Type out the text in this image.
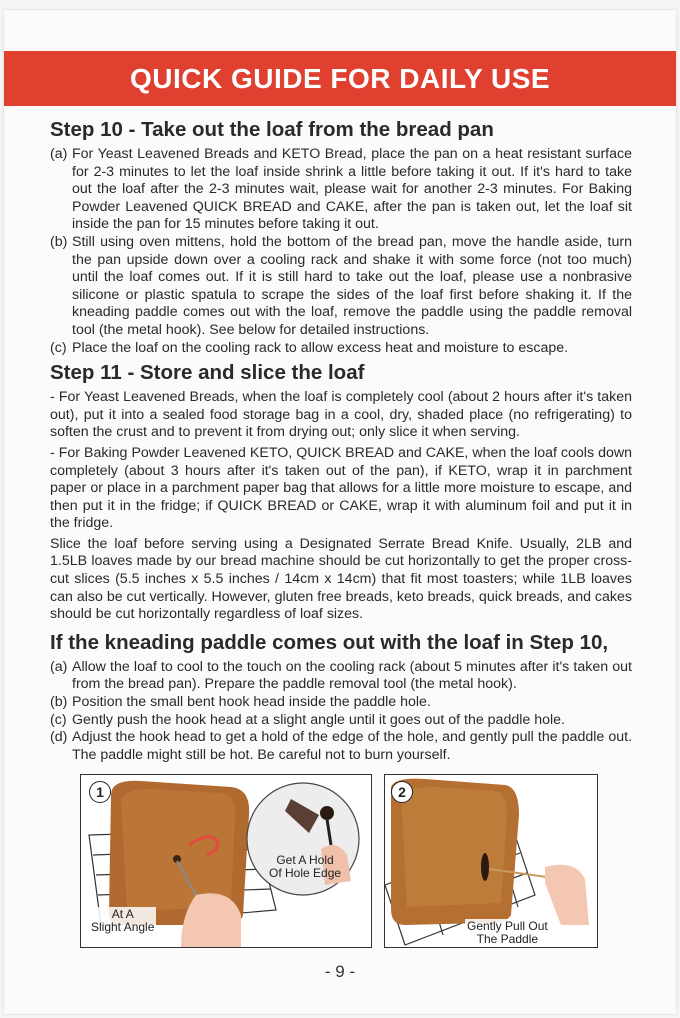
QUICK GUIDE FOR DAILY USE
Step 10 - Take out the loaf from the bread pan
(a) For Yeast Leavened Breads and KETO Bread, place the pan on a heat resistant surface for 2-3 minutes to let the loaf inside shrink a little before taking it out. If it's hard to take out the loaf after the 2-3 minutes wait, please wait for another 2-3 minutes. For Baking Powder Leavened QUICK BREAD and CAKE, after the pan is taken out, let the loaf sit inside the pan for 15 minutes before taking it out.
(b) Still using oven mittens, hold the bottom of the bread pan, move the handle aside, turn the pan upside down over a cooling rack and shake it with some force (not too much) until the loaf comes out. If it is still hard to take out the loaf, please use a nonbrasive silicone or plastic spatula to scrape the sides of the loaf first before shaking it. If the kneading paddle comes out with the loaf, remove the paddle using the paddle removal tool (the metal hook). See below for detailed instructions.
(c) Place the loaf on the cooling rack to allow excess heat and moisture to escape.
Step 11 - Store and slice the loaf

- For Yeast Leavened Breads, when the loaf is completely cool (about 2 hours after it's taken out), put it into a sealed food storage bag in a cool, dry, shaded place (no refrigerating) to soften the crust and to prevent it from drying out; only slice it when serving.

- For Baking Powder Leavened KETO, QUICK BREAD and CAKE, when the loaf cools down completely (about 3 hours after it's taken out of the pan), if KETO, wrap it in parchment paper or place in a parchment paper bag that allows for a little more moisture to escape, and then put it in the fridge; if QUICK BREAD or CAKE, wrap it with aluminum foil and put it in the fridge.

Slice the loaf before serving using a Designated Serrate Bread Knife. Usually, 2LB and 1.5LB loaves made by our bread machine should be cut horizontally to get the proper cross-cut slices (5.5 inches x 5.5 inches / 14cm x 14cm) that fit most toasters; while 1LB loaves can also be cut vertically. However, gluten free breads, keto breads, quick breads, and cakes should be cut horizontally regardless of loaf sizes.

If the kneading paddle comes out with the loaf in Step 10,
(a) Allow the loaf to cool to the touch on the cooling rack (about 5 minutes after it's taken out from the bread pan). Prepare the paddle removal tool (the metal hook).
(b) Position the small bent hook head inside the paddle hole.
(c) Gently push the hook head at a slight angle until it goes out of the paddle hole.
(d) Adjust the hook head to get a hold of the edge of the hole, and gently pull the paddle out. The paddle might still be hot. Be careful not to burn yourself.
1
At A
Slight Angle
Get A Hold
Of Hole Edge
2
Gently Pull Out
The Paddle
- 9 -
